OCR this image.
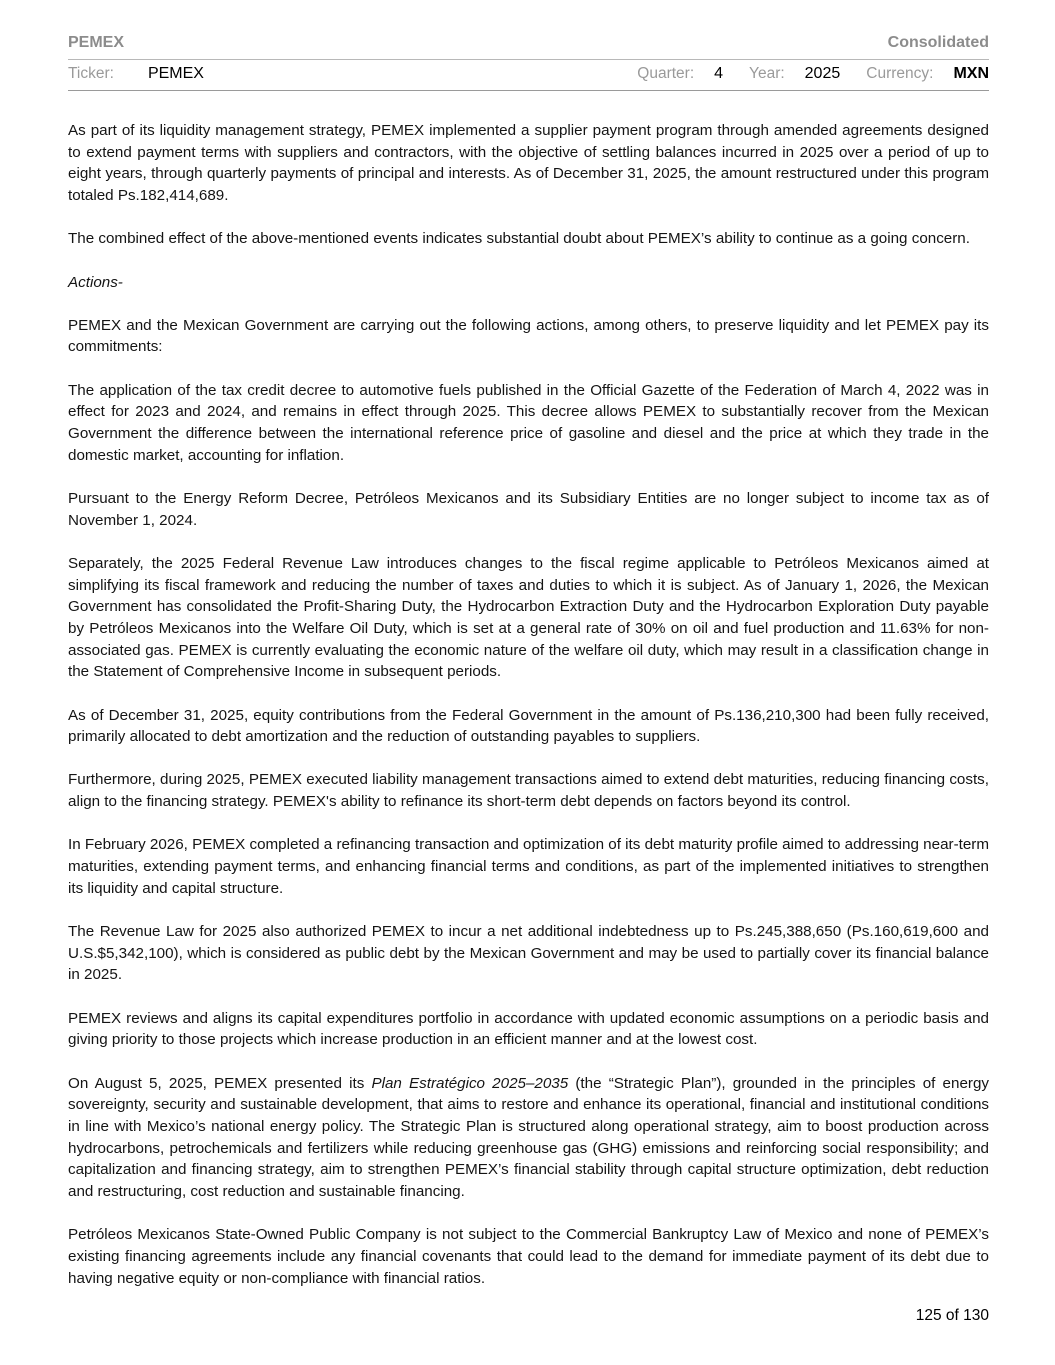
PEMEX	Consolidated
Ticker: PEMEX	Quarter: 4 Year: 2025 Currency: MXN

As part of its liquidity management strategy, PEMEX implemented a supplier payment program through amended agreements designed to extend payment terms with suppliers and contractors, with the objective of settling balances incurred in 2025 over a period of up to eight years, through quarterly payments of principal and interests. As of December 31, 2025, the amount restructured under this program totaled Ps.182,414,689.

The combined effect of the above-mentioned events indicates substantial doubt about PEMEX’s ability to continue as a going concern.

Actions-

PEMEX and the Mexican Government are carrying out the following actions, among others, to preserve liquidity and let PEMEX pay its commitments:

The application of the tax credit decree to automotive fuels published in the Official Gazette of the Federation of March 4, 2022 was in effect for 2023 and 2024, and remains in effect through 2025. This decree allows PEMEX to substantially recover from the Mexican Government the difference between the international reference price of gasoline and diesel and the price at which they trade in the domestic market, accounting for inflation.

Pursuant to the Energy Reform Decree, Petróleos Mexicanos and its Subsidiary Entities are no longer subject to income tax as of November 1, 2024.

Separately, the 2025 Federal Revenue Law introduces changes to the fiscal regime applicable to Petróleos Mexicanos aimed at simplifying its fiscal framework and reducing the number of taxes and duties to which it is subject. As of January 1, 2026, the Mexican Government has consolidated the Profit-Sharing Duty, the Hydrocarbon Extraction Duty and the Hydrocarbon Exploration Duty payable by Petróleos Mexicanos into the Welfare Oil Duty, which is set at a general rate of 30% on oil and fuel production and 11.63% for non-associated gas. PEMEX is currently evaluating the economic nature of the welfare oil duty, which may result in a classification change in the Statement of Comprehensive Income in subsequent periods.

As of December 31, 2025, equity contributions from the Federal Government in the amount of Ps.136,210,300 had been fully received, primarily allocated to debt amortization and the reduction of outstanding payables to suppliers.

Furthermore, during 2025, PEMEX executed liability management transactions aimed to extend debt maturities, reducing financing costs, align to the financing strategy. PEMEX's ability to refinance its short-term debt depends on factors beyond its control.

In February 2026, PEMEX completed a refinancing transaction and optimization of its debt maturity profile aimed to addressing near-term maturities, extending payment terms, and enhancing financial terms and conditions, as part of the implemented initiatives to strengthen its liquidity and capital structure.

The Revenue Law for 2025 also authorized PEMEX to incur a net additional indebtedness up to Ps.245,388,650 (Ps.160,619,600 and U.S.$5,342,100), which is considered as public debt by the Mexican Government and may be used to partially cover its financial balance in 2025.

PEMEX reviews and aligns its capital expenditures portfolio in accordance with updated economic assumptions on a periodic basis and giving priority to those projects which increase production in an efficient manner and at the lowest cost.

On August 5, 2025, PEMEX presented its Plan Estratégico 2025–2035 (the “Strategic Plan”), grounded in the principles of energy sovereignty, security and sustainable development, that aims to restore and enhance its operational, financial and institutional conditions in line with Mexico’s national energy policy. The Strategic Plan is structured along operational strategy, aim to boost production across hydrocarbons, petrochemicals and fertilizers while reducing greenhouse gas (GHG) emissions and reinforcing social responsibility; and capitalization and financing strategy, aim to strengthen PEMEX’s financial stability through capital structure optimization, debt reduction and restructuring, cost reduction and sustainable financing.

Petróleos Mexicanos State-Owned Public Company is not subject to the Commercial Bankruptcy Law of Mexico and none of PEMEX’s existing financing agreements include any financial covenants that could lead to the demand for immediate payment of its debt due to having negative equity or non-compliance with financial ratios.

125 of 130
